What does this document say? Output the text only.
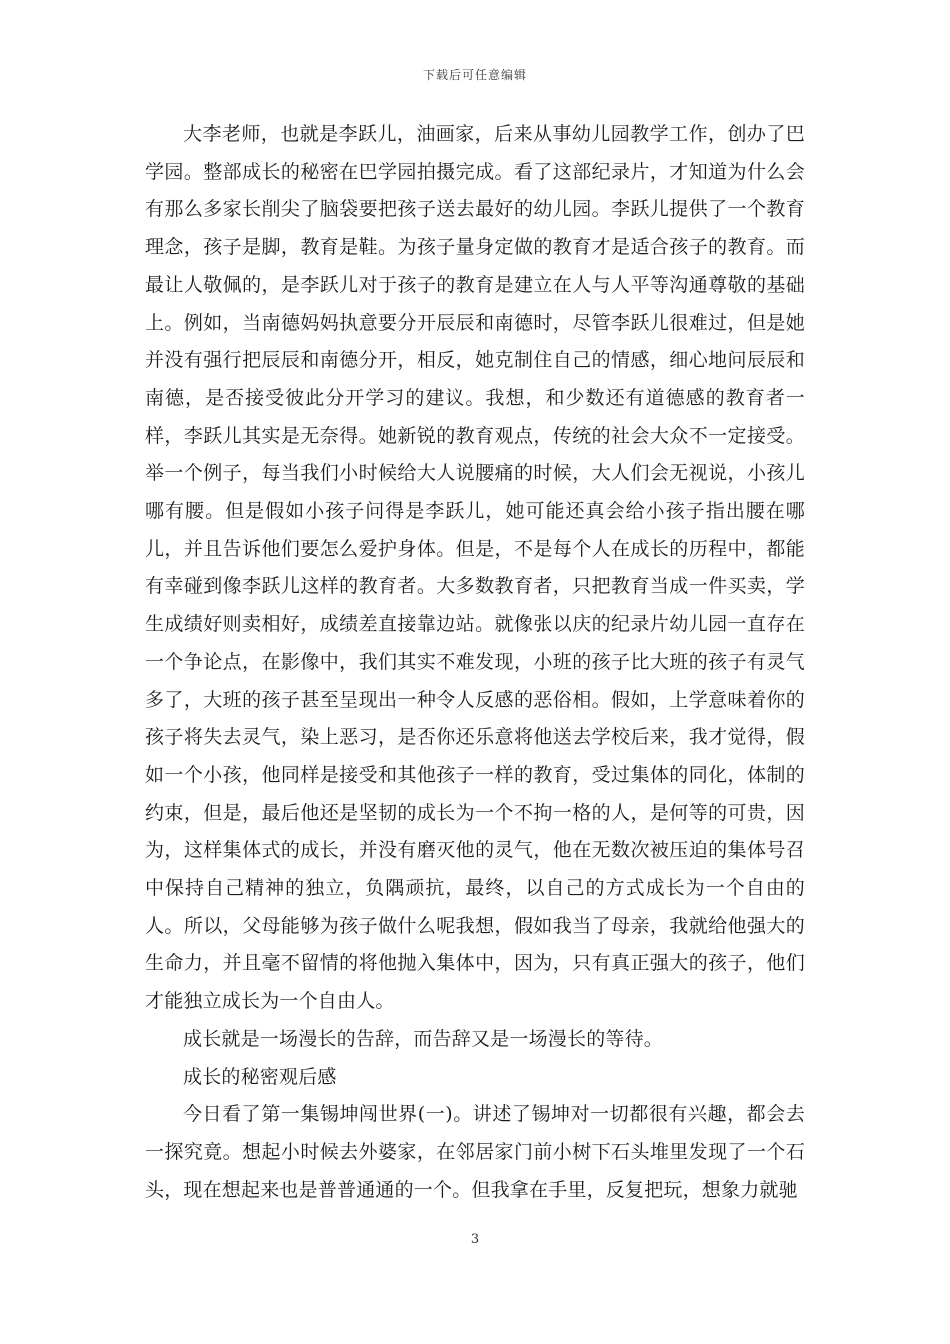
下载后可任意编辑

大李老师，也就是李跃儿，油画家，后来从事幼儿园教学工作，创办了巴学园。整部成长的秘密在巴学园拍摄完成。看了这部纪录片，才知道为什么会有那么多家长削尖了脑袋要把孩子送去最好的幼儿园。李跃儿提供了一个教育理念，孩子是脚，教育是鞋。为孩子量身定做的教育才是适合孩子的教育。而最让人敬佩的，是李跃儿对于孩子的教育是建立在人与人平等沟通尊敬的基础上。例如，当南德妈妈执意要分开辰辰和南德时，尽管李跃儿很难过，但是她并没有强行把辰辰和南德分开，相反，她克制住自己的情感，细心地问辰辰和南德，是否接受彼此分开学习的建议。我想，和少数还有道德感的教育者一样，李跃儿其实是无奈得。她新锐的教育观点，传统的社会大众不一定接受。举一个例子，每当我们小时候给大人说腰痛的时候，大人们会无视说，小孩儿哪有腰。但是假如小孩子问得是李跃儿，她可能还真会给小孩子指出腰在哪儿，并且告诉他们要怎么爱护身体。但是，不是每个人在成长的历程中，都能有幸碰到像李跃儿这样的教育者。大多数教育者，只把教育当成一件买卖，学生成绩好则卖相好，成绩差直接靠边站。就像张以庆的纪录片幼儿园一直存在一个争论点，在影像中，我们其实不难发现，小班的孩子比大班的孩子有灵气多了，大班的孩子甚至呈现出一种令人反感的恶俗相。假如，上学意味着你的孩子将失去灵气，染上恶习，是否你还乐意将他送去学校后来，我才觉得，假如一个小孩，他同样是接受和其他孩子一样的教育，受过集体的同化，体制的约束，但是，最后他还是坚韧的成长为一个不拘一格的人，是何等的可贵，因为，这样集体式的成长，并没有磨灭他的灵气，他在无数次被压迫的集体号召中保持自己精神的独立，负隅顽抗，最终，以自己的方式成长为一个自由的人。所以，父母能够为孩子做什么呢我想，假如我当了母亲，我就给他强大的生命力，并且毫不留情的将他抛入集体中，因为，只有真正强大的孩子，他们才能独立成长为一个自由人。

成长就是一场漫长的告辞，而告辞又是一场漫长的等待。

成长的秘密观后感

今日看了第一集锡坤闯世界(一)。讲述了锡坤对一切都很有兴趣，都会去一探究竟。想起小时候去外婆家，在邻居家门前小树下石头堆里发现了一个石头，现在想起来也是普普通通的一个。但我拿在手里，反复把玩，想象力就驰

3
